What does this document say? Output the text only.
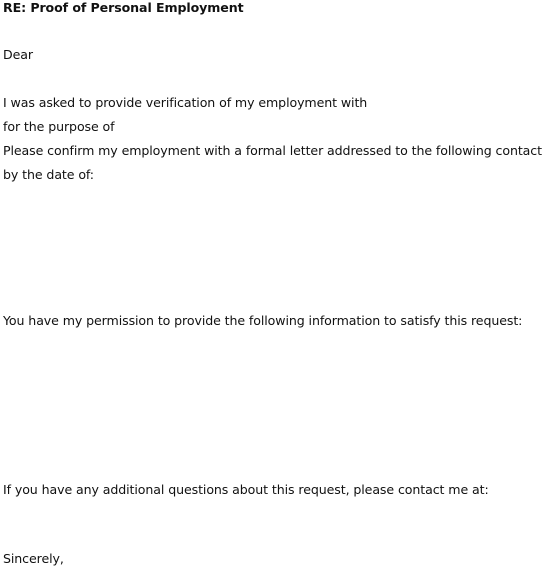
RE: Proof of Personal Employment
Dear
I was asked to provide verification of my employment with
for the purpose of
Please confirm my employment with a formal letter addressed to the following contact
by the date of:
You have my permission to provide the following information to satisfy this request:
If you have any additional questions about this request, please contact me at:
Sincerely,
